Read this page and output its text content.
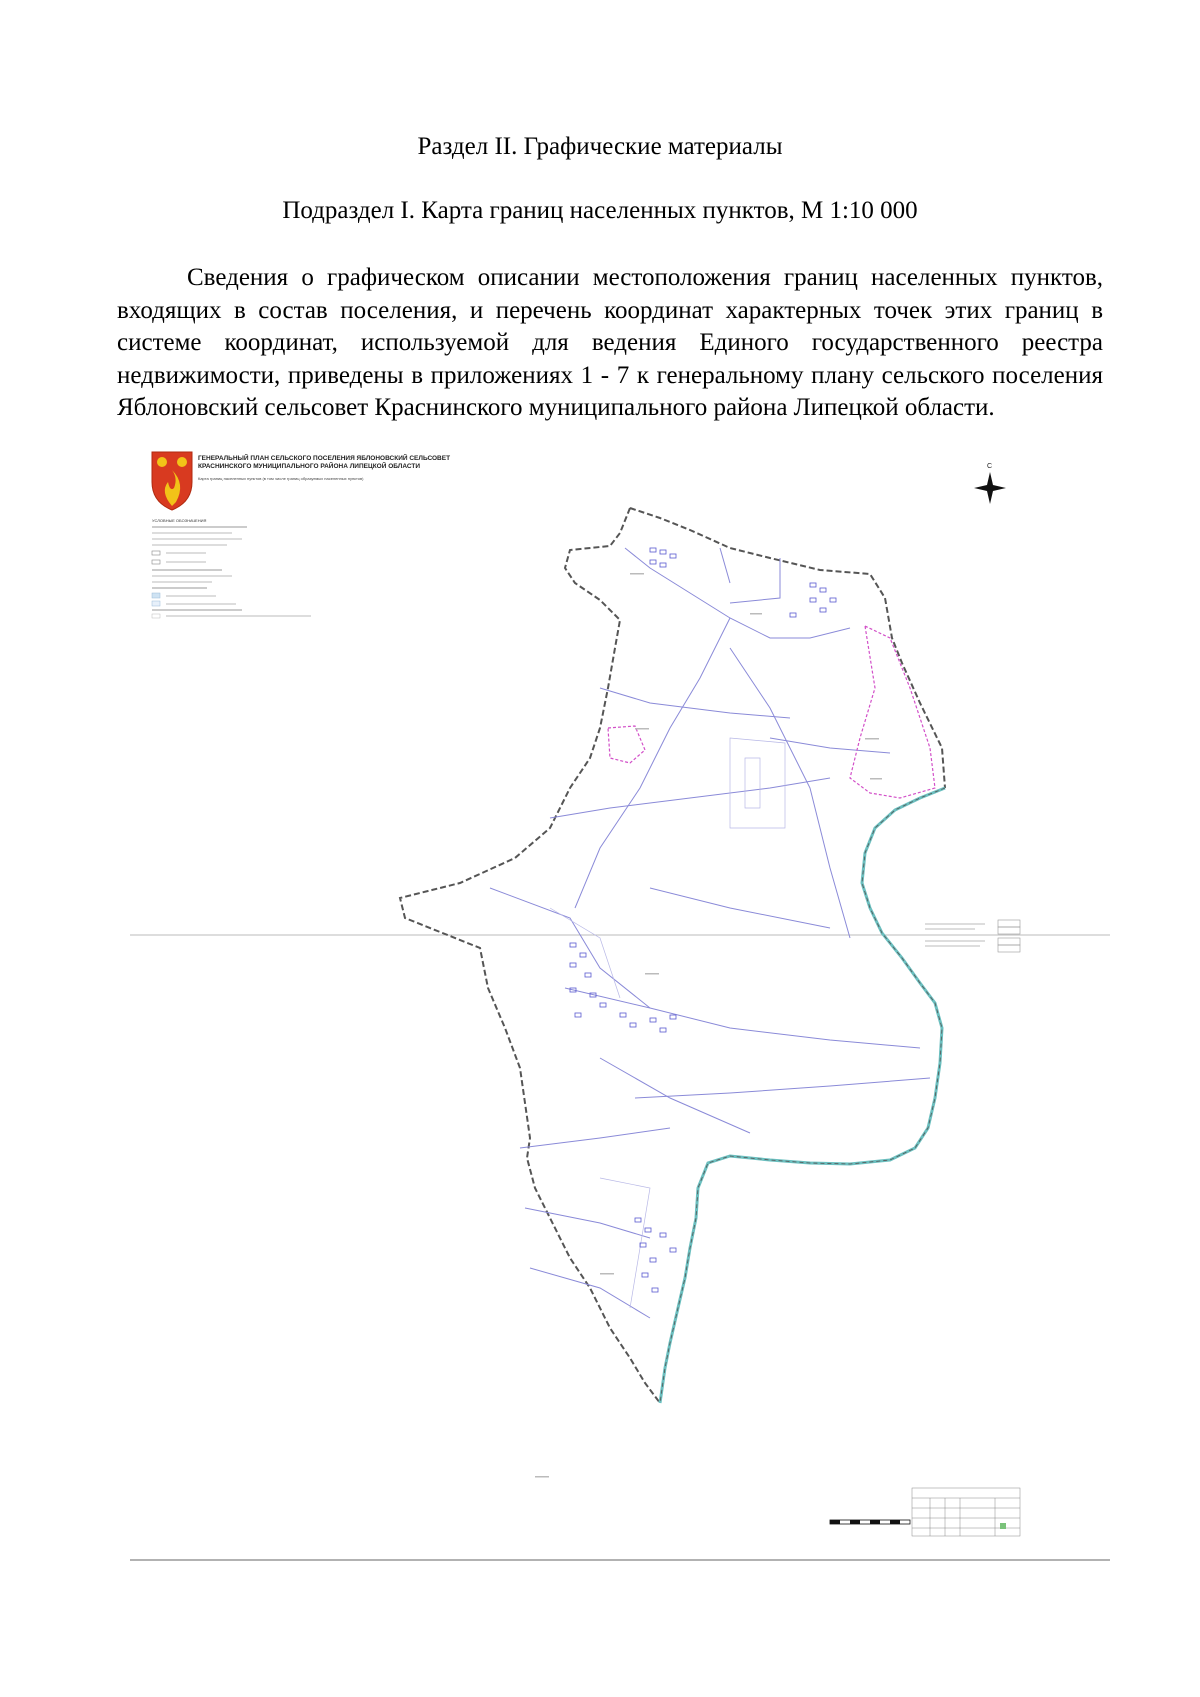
Раздел II. Графические материалы
Подраздел I. Карта границ населенных пунктов, М 1:10 000

Сведения о графическом описании местоположения границ населенных пунктов, входящих в состав поселения, и перечень координат характерных точек этих границ в системе координат, используемой для ведения Единого государственного реестра недвижимости, приведены в приложениях 1 - 7 к генеральному плану сельского поселения Яблоновский сельсовет Краснинского муниципального района Липецкой области.

ГЕНЕРАЛЬНЫЙ ПЛАН СЕЛЬСКОГО ПОСЕЛЕНИЯ ЯБЛОНОВСКИЙ СЕЛЬСОВЕТ
КРАСНИНСКОГО МУНИЦИПАЛЬНОГО РАЙОНА ЛИПЕЦКОЙ ОБЛАСТИ
Карта границ населенных пунктов (в том числе границ образуемых населенных пунктов)
УСЛОВНЫЕ ОБОЗНАЧЕНИЯ
С
